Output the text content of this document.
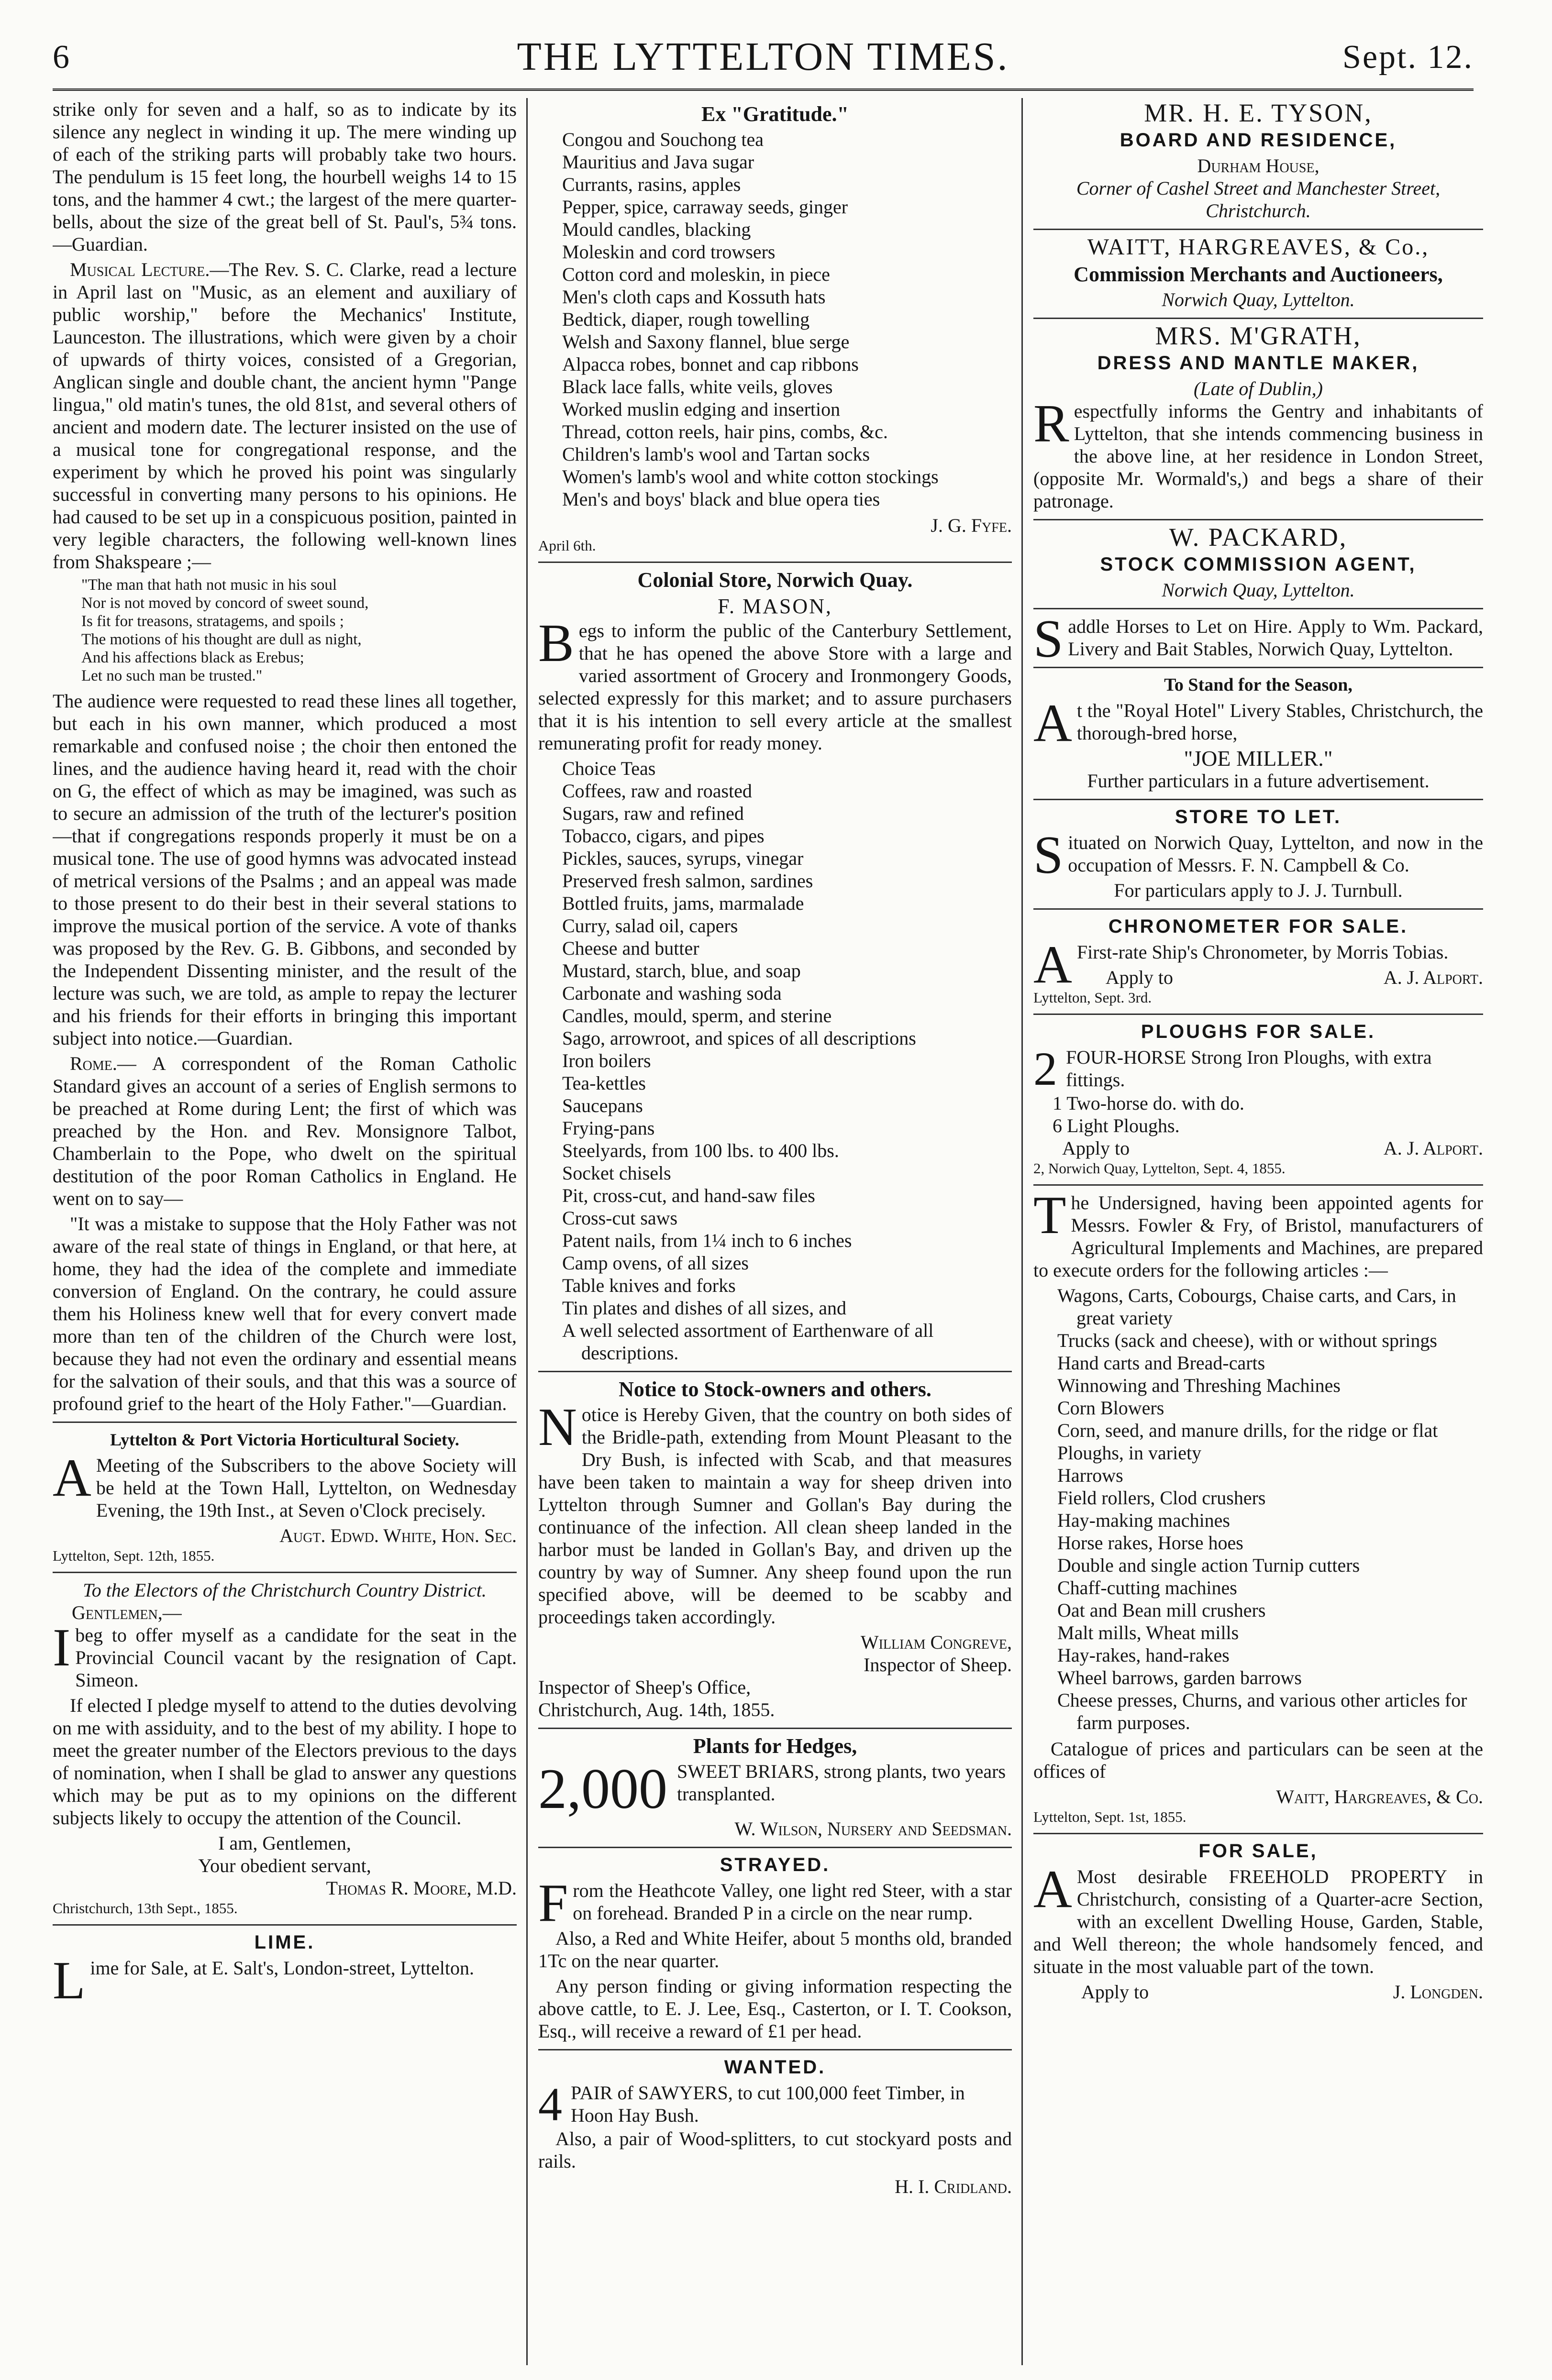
6	THE LYTTELTON TIMES.	Sept. 12.

strike only for seven and a half, so as to indicate by its silence any neglect in winding it up. The mere winding up of each of the striking parts will probably take two hours. The pendulum is 15 feet long, the hourbell weighs 14 to 15 tons, and the hammer 4 cwt.; the largest of the mere quarter-bells, about the size of the great bell of St. Paul's, 5¾ tons.—Guardian.

Musical Lecture.—The Rev. S. C. Clarke, read a lecture in April last on "Music, as an element and auxiliary of public worship," before the Mechanics' Institute, Launceston. The illustrations, which were given by a choir of upwards of thirty voices, consisted of a Gregorian, Anglican single and double chant, the ancient hymn "Pange lingua," old matin's tunes, the old 81st, and several others of ancient and modern date. The lecturer insisted on the use of a musical tone for congregational response, and the experiment by which he proved his point was singularly successful in converting many persons to his opinions. He had caused to be set up in a conspicuous position, painted in very legible characters, the following well-known lines from Shakspeare ;—

"The man that hath not music in his soul
Nor is not moved by concord of sweet sound,
Is fit for treasons, stratagems, and spoils ;
The motions of his thought are dull as night,
And his affections black as Erebus;
Let no such man be trusted."

The audience were requested to read these lines all together, but each in his own manner, which produced a most remarkable and confused noise ; the choir then entoned the lines, and the audience having heard it, read with the choir on G, the effect of which as may be imagined, was such as to secure an admission of the truth of the lecturer's position—that if congregations responds properly it must be on a musical tone. The use of good hymns was advocated instead of metrical versions of the Psalms ; and an appeal was made to those present to do their best in their several stations to improve the musical portion of the service. A vote of thanks was proposed by the Rev. G. B. Gibbons, and seconded by the Independent Dissenting minister, and the result of the lecture was such, we are told, as ample to repay the lecturer and his friends for their efforts in bringing this important subject into notice.—Guardian.

Rome.— A correspondent of the Roman Catholic Standard gives an account of a series of English sermons to be preached at Rome during Lent; the first of which was preached by the Hon. and Rev. Monsignore Talbot, Chamberlain to the Pope, who dwelt on the spiritual destitution of the poor Roman Catholics in England. He went on to say—

"It was a mistake to suppose that the Holy Father was not aware of the real state of things in England, or that here, at home, they had the idea of the complete and immediate conversion of England. On the contrary, he could assure them his Holiness knew well that for every convert made more than ten of the children of the Church were lost, because they had not even the ordinary and essential means for the salvation of their souls, and that this was a source of profound grief to the heart of the Holy Father."—Guardian.

Lyttelton & Port Victoria Horticultural Society.

AMeeting of the Subscribers to the above Society will be held at the Town Hall, Lyttelton, on Wednesday Evening, the 19th Inst., at Seven o'Clock precisely.

Augt. Edwd. White, Hon. Sec.
Lyttelton, Sept. 12th, 1855.
To the Electors of the Christchurch Country District.
Gentlemen,—

Ibeg to offer myself as a candidate for the seat in the Provincial Council vacant by the resignation of Capt. Simeon.

If elected I pledge myself to attend to the duties devolving on me with assiduity, and to the best of my ability. I hope to meet the greater number of the Electors previous to the days of nomination, when I shall be glad to answer any questions which may be put as to my opinions on the different subjects likely to occupy the attention of the Council.

I am, Gentlemen,
Your obedient servant,
Thomas R. Moore, M.D.
Christchurch, 13th Sept., 1855.
LIME.

Lime for Sale, at E. Salt's, London-street, Lyttelton.

Ex "Gratitude."
Congou and Souchong tea
Mauritius and Java sugar
Currants, rasins, apples
Pepper, spice, carraway seeds, ginger
Mould candles, blacking
Moleskin and cord trowsers
Cotton cord and moleskin, in piece
Men's cloth caps and Kossuth hats
Bedtick, diaper, rough towelling
Welsh and Saxony flannel, blue serge
Alpacca robes, bonnet and cap ribbons
Black lace falls, white veils, gloves
Worked muslin edging and insertion
Thread, cotton reels, hair pins, combs, &c.
Children's lamb's wool and Tartan socks
Women's lamb's wool and white cotton stockings
Men's and boys' black and blue opera ties
J. G. Fyfe.
April 6th.
Colonial Store, Norwich Quay.
F. MASON,

Begs to inform the public of the Canterbury Settlement, that he has opened the above Store with a large and varied assortment of Grocery and Ironmongery Goods, selected expressly for this market; and to assure purchasers that it is his intention to sell every article at the smallest remunerating profit for ready money.

Choice Teas
Coffees, raw and roasted
Sugars, raw and refined
Tobacco, cigars, and pipes
Pickles, sauces, syrups, vinegar
Preserved fresh salmon, sardines
Bottled fruits, jams, marmalade
Curry, salad oil, capers
Cheese and butter
Mustard, starch, blue, and soap
Carbonate and washing soda
Candles, mould, sperm, and sterine
Sago, arrowroot, and spices of all descriptions
Iron boilers
Tea-kettles
Saucepans
Frying-pans
Steelyards, from 100 lbs. to 400 lbs.
Socket chisels
Pit, cross-cut, and hand-saw files
Cross-cut saws
Patent nails, from 1¼ inch to 6 inches
Camp ovens, of all sizes
Table knives and forks
Tin plates and dishes of all sizes, and
A well selected assortment of Earthenware of all descriptions.
Notice to Stock-owners and others.

Notice is Hereby Given, that the country on both sides of the Bridle-path, extending from Mount Pleasant to the Dry Bush, is infected with Scab, and that measures have been taken to maintain a way for sheep driven into Lyttelton through Sumner and Gollan's Bay during the continuance of the infection. All clean sheep landed in the harbor must be landed in Gollan's Bay, and driven up the country by way of Sumner. Any sheep found upon the run specified above, will be deemed to be scabby and proceedings taken accordingly.

William Congreve,
Inspector of Sheep.
Inspector of Sheep's Office,
Christchurch, Aug. 14th, 1855.
Plants for Hedges,
2,000 SWEET BRIARS, strong plants, two years transplanted.
W. Wilson, Nursery and Seedsman.
STRAYED.

From the Heathcote Valley, one light red Steer, with a star on forehead. Branded P in a circle on the near rump.

Also, a Red and White Heifer, about 5 months old, branded 1Tc on the near quarter.

Any person finding or giving information respecting the above cattle, to E. J. Lee, Esq., Casterton, or I. T. Cookson, Esq., will receive a reward of £1 per head.

WANTED.
4 PAIR of SAWYERS, to cut 100,000 feet Timber, in Hoon Hay Bush.

Also, a pair of Wood-splitters, to cut stockyard posts and rails.

H. I. Cridland.
MR. H. E. TYSON,
BOARD AND RESIDENCE,
Durham House,
Corner of Cashel Street and Manchester Street, Christchurch.
WAITT, HARGREAVES, & Co.,
Commission Merchants and Auctioneers,
Norwich Quay, Lyttelton.
MRS. M'GRATH,
DRESS AND MANTLE MAKER,
(Late of Dublin,)

Respectfully informs the Gentry and inhabitants of Lyttelton, that she intends commencing business in the above line, at her residence in London Street, (opposite Mr. Wormald's,) and begs a share of their patronage.

W. PACKARD,
STOCK COMMISSION AGENT,
Norwich Quay, Lyttelton.

Saddle Horses to Let on Hire. Apply to Wm. Packard, Livery and Bait Stables, Norwich Quay, Lyttelton.

To Stand for the Season,

At the "Royal Hotel" Livery Stables, Christchurch, the thorough-bred horse,

"JOE MILLER."
Further particulars in a future advertisement.
STORE TO LET.

Situated on Norwich Quay, Lyttelton, and now in the occupation of Messrs. F. N. Campbell & Co.

For particulars apply to J. J. Turnbull.
CHRONOMETER FOR SALE.

AFirst-rate Ship's Chronometer, by Morris Tobias.

Apply to	A. J. Alport.
Lyttelton, Sept. 3rd.
PLOUGHS FOR SALE.
2 FOUR-HORSE Strong Iron Ploughs, with extra fittings.
1 Two-horse do. with do.
6 Light Ploughs.
Apply to	A. J. Alport.
2, Norwich Quay, Lyttelton, Sept. 4, 1855.

The Undersigned, having been appointed agents for Messrs. Fowler & Fry, of Bristol, manufacturers of Agricultural Implements and Machines, are prepared to execute orders for the following articles :—

Wagons, Carts, Cobourgs, Chaise carts, and Cars, in great variety
Trucks (sack and cheese), with or without springs
Hand carts and Bread-carts
Winnowing and Threshing Machines
Corn Blowers
Corn, seed, and manure drills, for the ridge or flat
Ploughs, in variety
Harrows
Field rollers, Clod crushers
Hay-making machines
Horse rakes, Horse hoes
Double and single action Turnip cutters
Chaff-cutting machines
Oat and Bean mill crushers
Malt mills, Wheat mills
Hay-rakes, hand-rakes
Wheel barrows, garden barrows
Cheese presses, Churns, and various other articles for farm purposes.

Catalogue of prices and particulars can be seen at the offices of

Waitt, Hargreaves, & Co.
Lyttelton, Sept. 1st, 1855.
FOR SALE,

AMost desirable FREEHOLD PROPERTY in Christchurch, consisting of a Quarter-acre Section, with an excellent Dwelling House, Garden, Stable, and Well thereon; the whole handsomely fenced, and situate in the most valuable part of the town.

Apply to	J. Longden.
